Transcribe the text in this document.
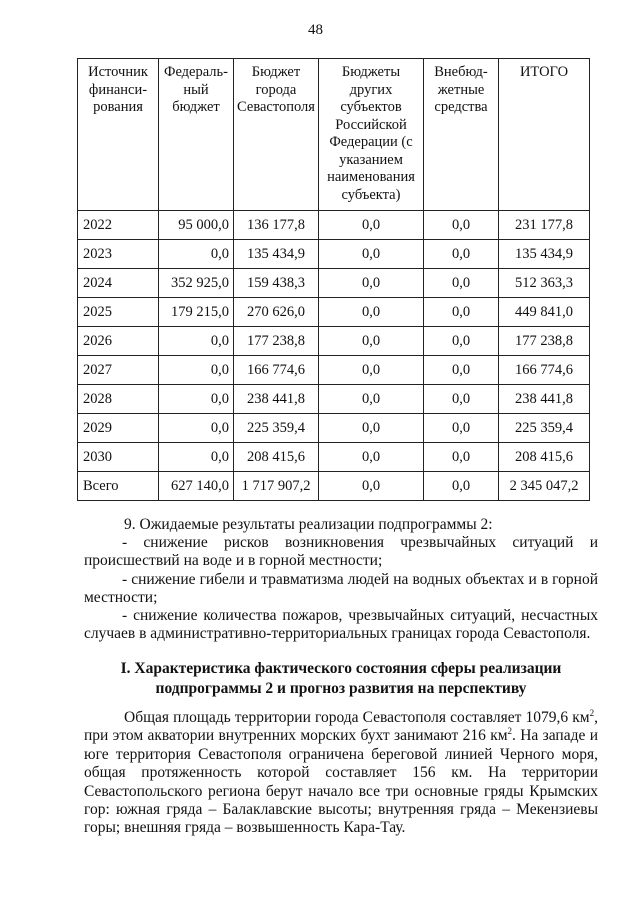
48
Источник финанси-рования	Федераль-ный бюджет	Бюджет города Севастополя	Бюджеты других субъектов Российской Федерации (с указанием наименования субъекта)	Внебюд-жетные средства	ИТОГО
2022	95 000,0	136 177,8	0,0	0,0	231 177,8
2023	0,0	135 434,9	0,0	0,0	135 434,9
2024	352 925,0	159 438,3	0,0	0,0	512 363,3
2025	179 215,0	270 626,0	0,0	0,0	449 841,0
2026	0,0	177 238,8	0,0	0,0	177 238,8
2027	0,0	166 774,6	0,0	0,0	166 774,6
2028	0,0	238 441,8	0,0	0,0	238 441,8
2029	0,0	225 359,4	0,0	0,0	225 359,4
2030	0,0	208 415,6	0,0	0,0	208 415,6
Всего	627 140,0	1 717 907,2	0,0	0,0	2 345 047,2

9. Ожидаемые результаты реализации подпрограммы 2:

- снижение рисков возникновения чрезвычайных ситуаций и происшествий на воде и в горной местности;

- снижение гибели и травматизма людей на водных объектах и в горной местности;

- снижение количества пожаров, чрезвычайных ситуаций, несчастных случаев в административно-территориальных границах города Севастополя.

I. Характеристика фактического состояния сферы реализации
подпрограммы 2 и прогноз развития на перспективу

Общая площадь территории города Севастополя составляет 1079,6 $км^2$, при этом акватории внутренних морских бухт занимают 216 $км^2$. На западе и юге территория Севастополя ограничена береговой линией Черного моря, общая протяженность которой составляет 156 км. На территории Севастопольского региона берут начало все три основные гряды Крымских гор: южная гряда – Балаклавские высоты; внутренняя гряда – Мекензиевы горы; внешняя гряда – возвышенность Кара-Тау.
